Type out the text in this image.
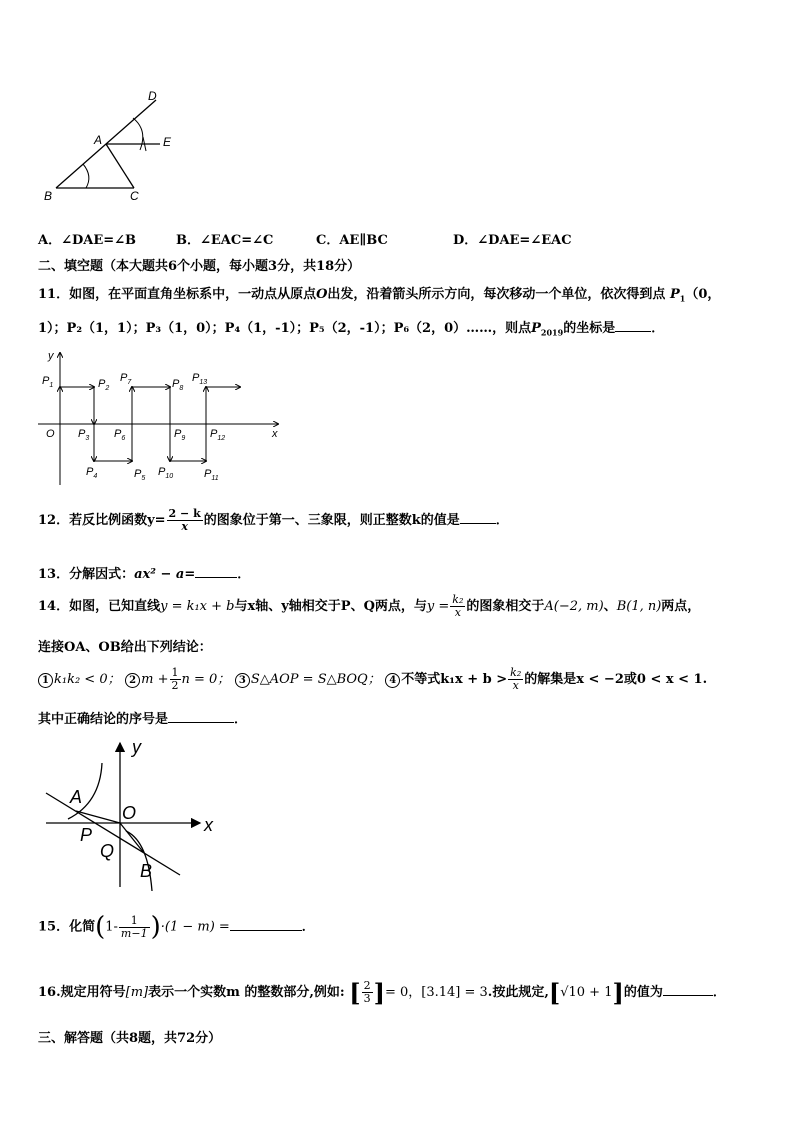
D
A	E
B	C
A．∠DAE=∠B	B．∠EAC=∠C	C．AE∥BC	D．∠DAE=∠EAC
二、填空题（本大题共6个小题，每小题3分，共18分）
11．如图，在平面直角坐标系中，一动点从原点O出发，沿着箭头所示方向，每次移动一个单位，依次得到点 $P_1(0$，
1）；P₂（1，1）；P₃（1，0）；P₄（1，-1）；P₅（2，-1）；P₆（2，0）……，则点$P_{2019}$的坐标是	．
y
x
O
$P_1$	$P_2$
$P_3$
$P_4$	$P_5$
$P_6$
$P_7$	$P_8$
$P_9$
$P_{10}$	$P_{11}$
$P_{12}$
$P_{13}$
12．若反比例函数$y= \frac{2 - k}{x}$ 的图象位于第一、三象限，则正整数k的值是	．
13．分解因式：ax² − a=	．
14．如图，已知直线y = k₁x + b与x轴、y轴相交于P、Q两点，与$y = \frac{\text{k₂}}{x}$ 的图象相交于A(−2, m)、B(1, n)两点，
连接OA、OB给出下列结论：
1 k₁k₂ < 0； 2 $m + \frac{1}{2}$ n = 0； 3 S△AOP = S△BOQ； 4 不等式$k_1x + b > \frac{\text{k₂}}{x}$ 的解集是x < −2或0 < x < 1.
其中正确结论的序号是	．
y
x
A
O
P
Q
B
15．化简$(1- \frac{1}{m-1} )\cdot(1 - m)$ =	．
16.规定用符号[m]表示一个实数m 的整数部分,例如: [ $\frac{2}{3}$ ]= 0，[3.14] = 3.按此规定,[√10 + 1]的值为	．
三、解答题（共8题，共72分）
